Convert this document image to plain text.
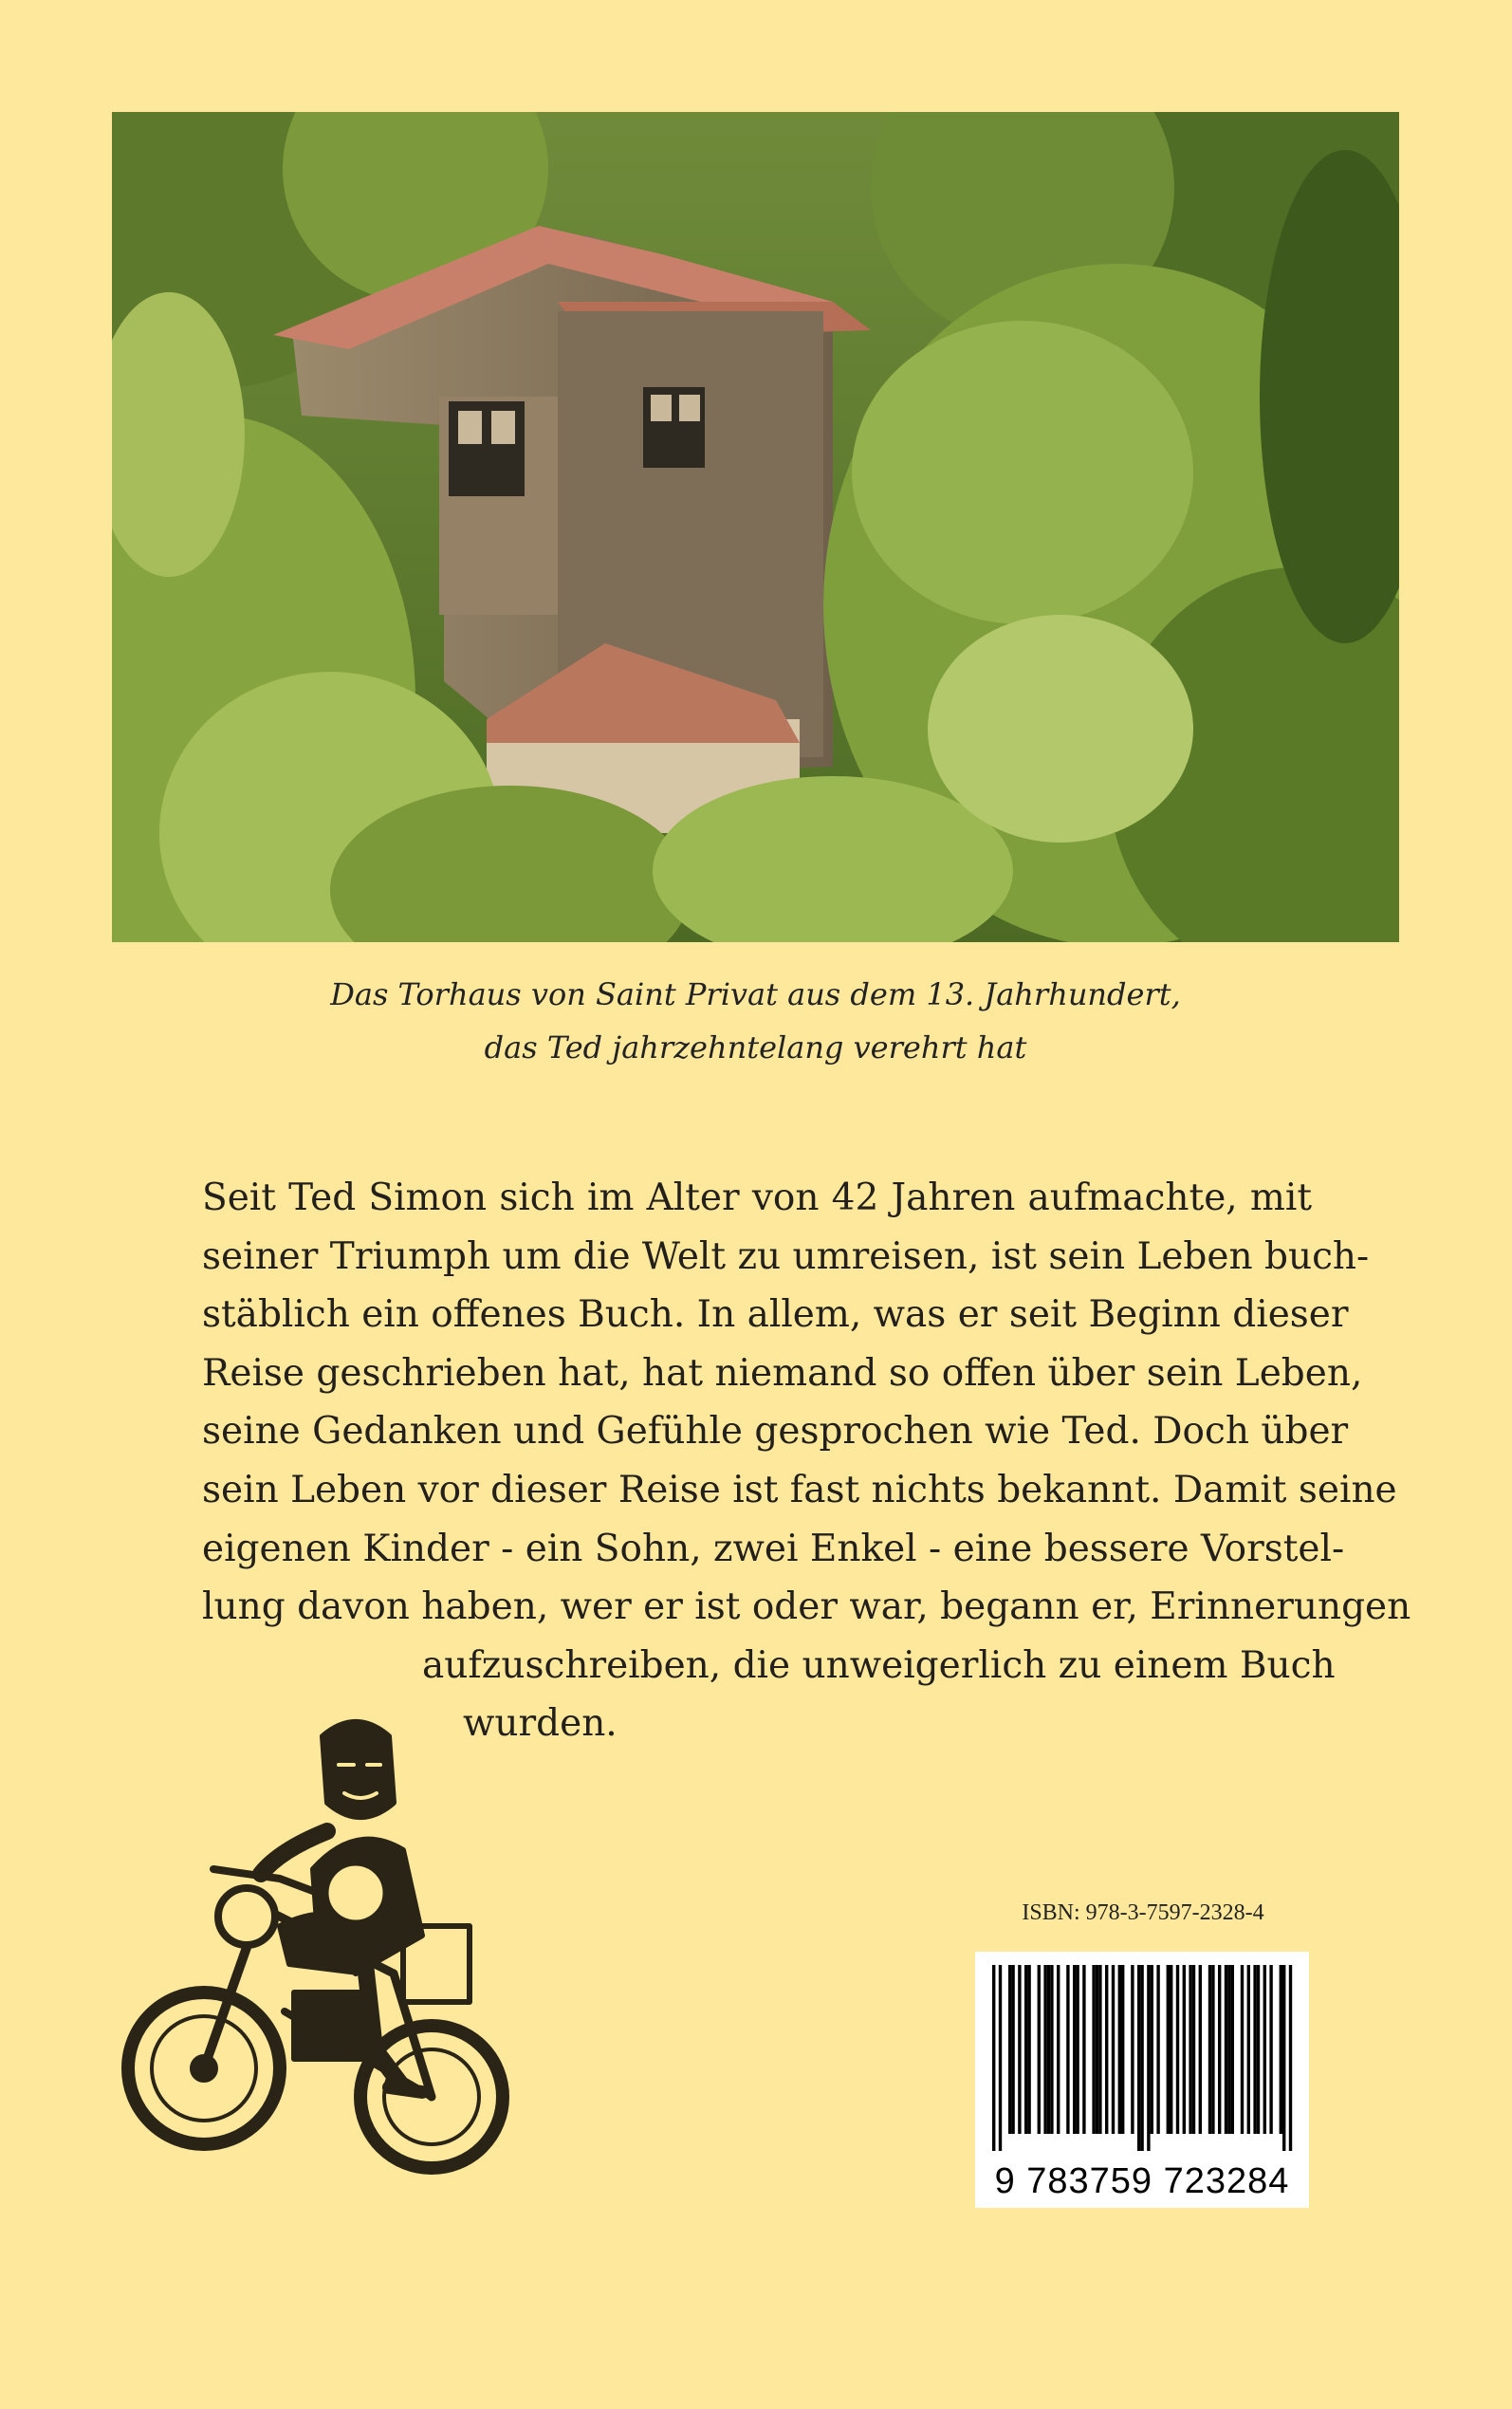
Das Torhaus von Saint Privat aus dem 13. Jahrhundert,
das Ted jahrzehntelang verehrt hat
Seit Ted Simon sich im Alter von 42 Jahren aufmachte, mit
seiner Triumph um die Welt zu umreisen, ist sein Leben buch-
stäblich ein offenes Buch. In allem, was er seit Beginn dieser
Reise geschrieben hat, hat niemand so offen über sein Leben,
seine Gedanken und Gefühle gesprochen wie Ted. Doch über
sein Leben vor dieser Reise ist fast nichts bekannt. Damit seine
eigenen Kinder - ein Sohn, zwei Enkel - eine bessere Vorstel-
lung davon haben, wer er ist oder war, begann er, Erinnerungen
aufzuschreiben, die unweigerlich zu einem Buch
wurden.
ISBN: 978-3-7597-2328-4
9 783759 723284
